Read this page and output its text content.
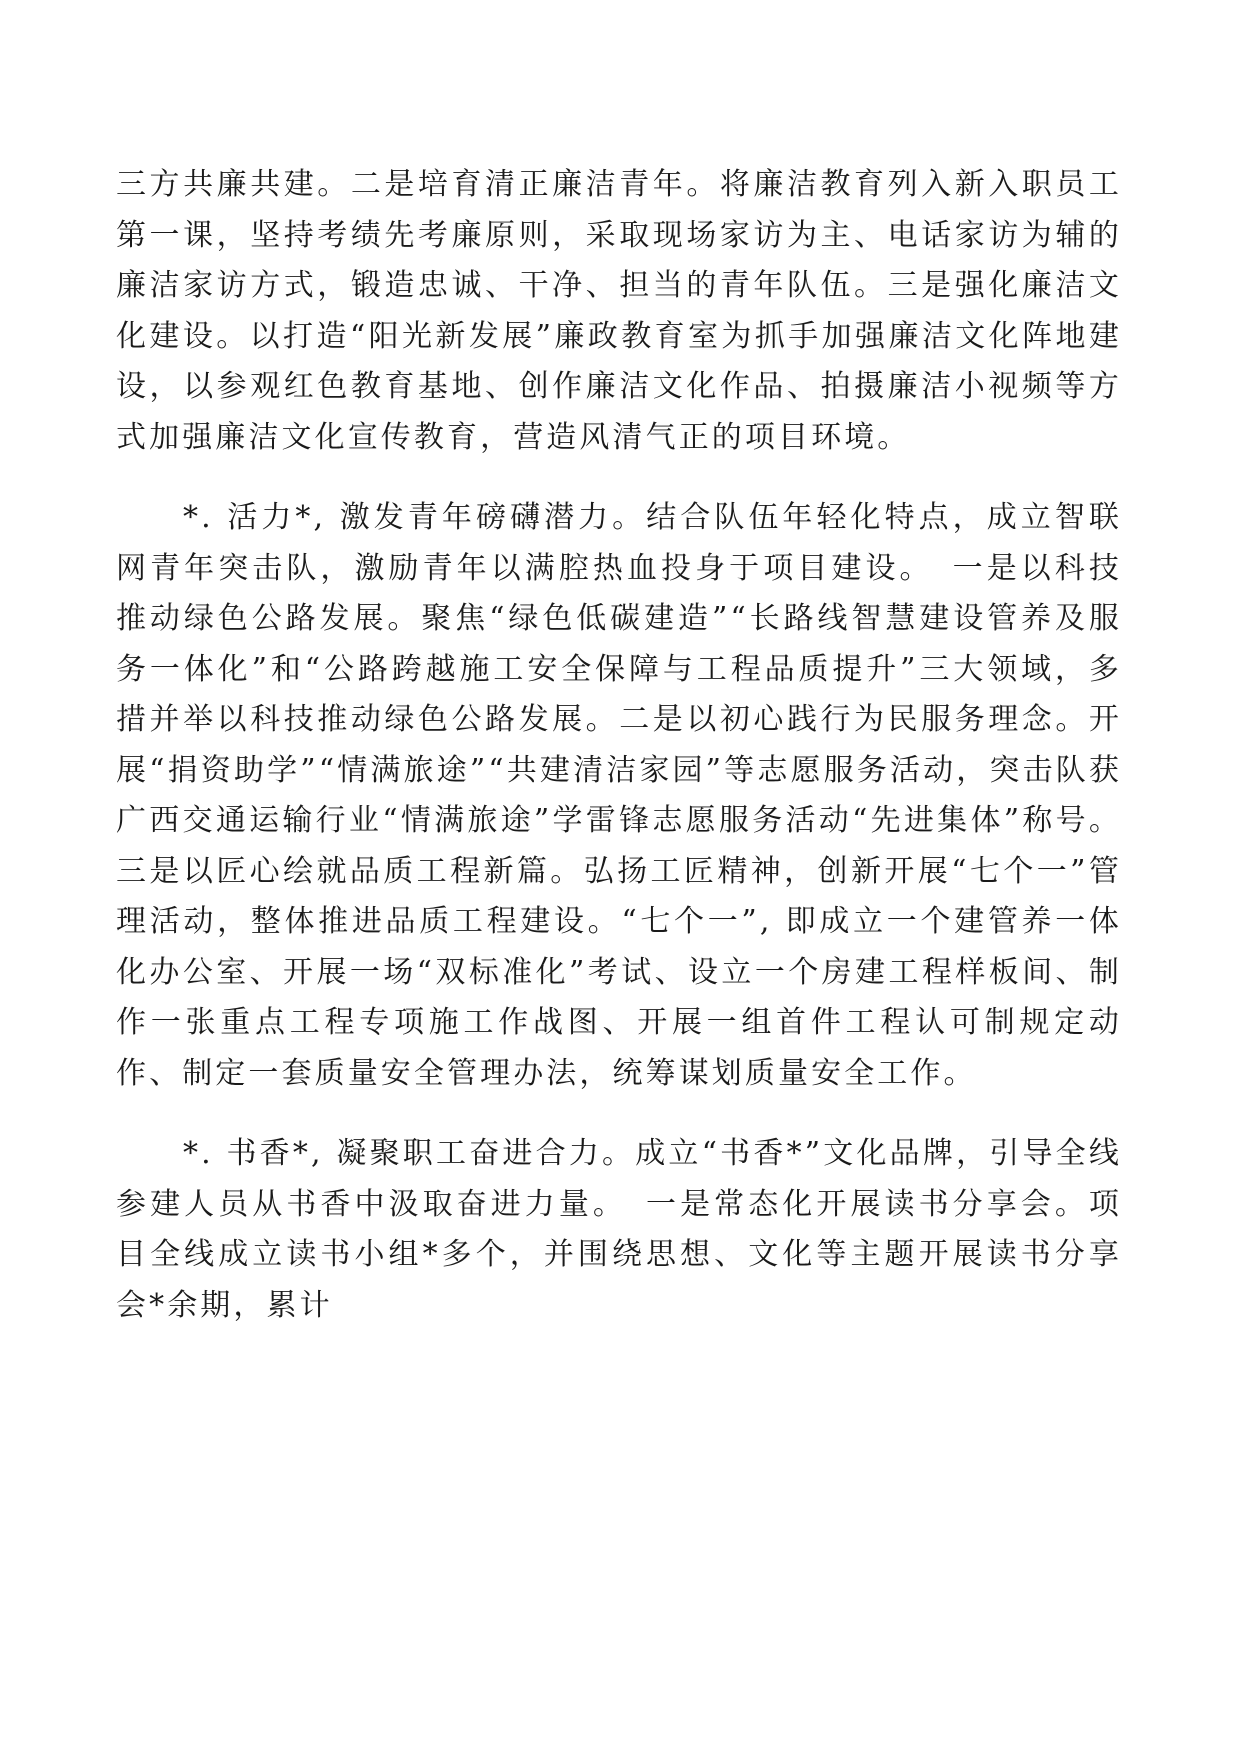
三方共廉共建。二是培育清正廉洁青年。将廉洁教育列入新入职员工第一课，坚持考绩先考廉原则，采取现场家访为主、电话家访为辅的廉洁家访方式，锻造忠诚、干净、担当的青年队伍。三是强化廉洁文化建设。以打造“阳光新发展”廉政教育室为抓手加强廉洁文化阵地建设，以参观红色教育基地、创作廉洁文化作品、拍摄廉洁小视频等方式加强廉洁文化宣传教育，营造风清气正的项目环境。

*. 活力*, 激发青年磅礴潜力。结合队伍年轻化特点，成立智联网青年突击队，激励青年以满腔热血投身于项目建设。　一是以科技推动绿色公路发展。聚焦“绿色低碳建造”“长路线智慧建设管养及服务一体化”和“公路跨越施工安全保障与工程品质提升”三大领域，多措并举以科技推动绿色公路发展。二是以初心践行为民服务理念。开展“捐资助学”“情满旅途”“共建清洁家园”等志愿服务活动，突击队获广西交通运输行业“情满旅途”学雷锋志愿服务活动“先进集体”称号。三是以匠心绘就品质工程新篇。弘扬工匠精神，创新开展“七个一”管理活动，整体推进品质工程建设。“七个一”, 即成立一个建管养一体化办公室、开展一场“双标准化”考试、设立一个房建工程样板间、制作一张重点工程专项施工作战图、开展一组首件工程认可制规定动作、制定一套质量安全管理办法，统筹谋划质量安全工作。

*. 书香*, 凝聚职工奋进合力。成立“书香*”文化品牌，引导全线参建人员从书香中汲取奋进力量。　一是常态化开展读书分享会。项目全线成立读书小组*多个，并围绕思想、文化等主题开展读书分享会*余期，累计
